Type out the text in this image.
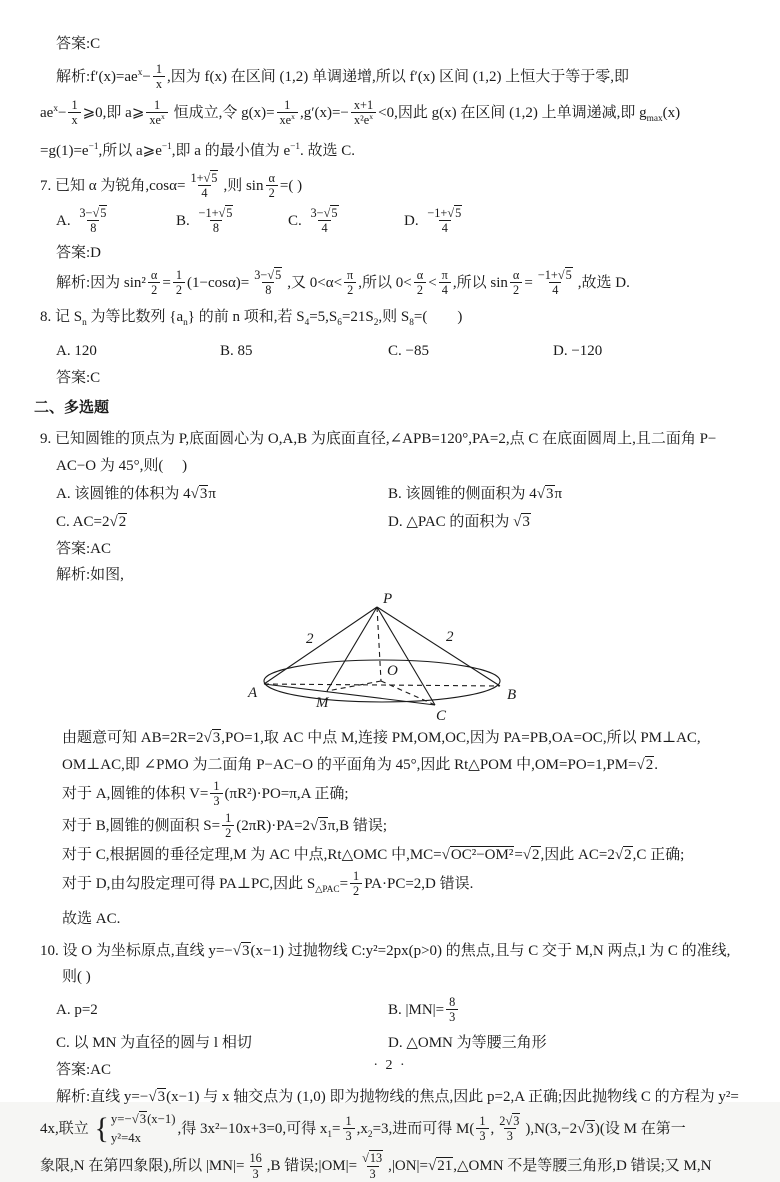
答案:C
解析$:f'(x)=ae^x- \frac{1}{x}$ ,因为 f(x) 在区间 (1,2) 单调递增,所以 f′(x) 区间 (1,2) 上恒大于等于零,即
$ae^x- \frac{1}{x}$ ⩾0,即 a⩾ $\frac{1}{xe^x}$ 恒成立,令 $g(x)= \frac{1}{xe^x} ,g'(x)=- \frac{x+1}{x^2e^x} <0$,因此 g(x) 在区间 (1,2) 上单调递减,即 $g_{max}(x)$
$=g(1)=e^{-1}$,所以 $a⩾e^{-1}$,即 a 的最小值为 $e^{-1}$. 故选 C.
7. 已知 α 为锐角$,\cos\alpha= \frac{1+√5}{4}$ ,则 $\sin \frac{\alpha}{2}$ =( )
A. $\frac{3-√5}{8}$	B. $\frac{-1+√5}{8}$	C. $\frac{3-√5}{4}$	D. $\frac{-1+√5}{4}$
答案:D
解析:因为 $\sin^2 \frac{\alpha}{2} = \frac{1}{2} (1-\cos\alpha)= \frac{3-√5}{8}$ ,又 $0<\alpha< \frac{\pi}{2}$ ,所以 $0< \frac{\alpha}{2} < \frac{\pi}{4}$ ,所以 $\sin \frac{\alpha}{2} = \frac{-1+√5}{4}$ ,故选 D.
8. 记 $S_n$ 为等比数列 $\{a_n\}$ 的前 n 项和,若 $S_4=5,S_6=21S_2$,则 $S_8=$(　　)
A. 120	B. 85	C. −85	D. −120
答案:C
二、多选题
9. 已知圆锥的顶点为 P,底面圆心为 O,A,B 为底面直径,∠APB=120°,PA=2,点 C 在底面圆周上,且二面角 P−
AC−O 为 45°,则(　 )
A. 该圆锥的体积为 4√3π	B. 该圆锥的侧面积为 4√3π
C. AC=2√2	D. △PAC 的面积为 √3
答案:AC
解析:如图,
P
O
A	B
M
C
2	2
由题意可知 AB=2R=2√3,PO=1,取 AC 中点 M,连接 PM,OM,OC,因为 PA=PB,OA=OC,所以 PM⊥AC,
OM⊥AC,即 ∠PMO 为二面角 P−AC−O 的平面角为 45°,因此 Rt△POM 中,OM=PO=1,PM=√2.
对于 A,圆锥的体积 $V= \frac{1}{3} (\pi R^2)\cdot PO=\pi,A$ 正确;
对于 B,圆锥的侧面积 $S= \frac{1}{2} (2\pi R)\cdot PA=2√3\pi,B$ 错误;
对于 C,根据圆的垂径定理,M 为 AC 中点,Rt△OMC 中,MC=√OC²−OM²=√2,因此 AC=2√2,C 正确;
对于 D,由勾股定理可得 PA⊥PC,因此 $S_{\triangle PAC}= \frac{1}{2} PA\cdot PC=2,D$ 错误.
故选 AC.
10. 设 O 为坐标原点,直线 y=−√3(x−1) 过抛物线 C:y²=2px(p>0) 的焦点,且与 C 交于 M,N 两点,l 为 C 的准线,
则( )
A. p=2	B. $|MN|= \frac{8}{3}$
C. 以 MN 为直径的圆与 l 相切	D. △OMN 为等腰三角形
答案:AC
解析:直线 y=−√3(x−1) 与 x 轴交点为 (1,0) 即为抛物线的焦点,因此 p=2,A 正确;因此抛物线 C 的方程为 y²=
4x,联立 { y=−√3(x−1)
y²=4x
,得 3x²−10x+3=0,可得 $x_1= \frac{1}{3} ,x_2=3$,进而可得 $M( \frac{1}{3}$ , $\frac{2√3}{3} ),N(3,-2√3)$(设 M 在第一
象限,N 在第四象限),所以 $|MN|= \frac{16}{3} ,B$ 错误;|OM|= $\frac{√13}{3}$ ,|ON|=√21,△OMN 不是等腰三角形,D 错误;又 M,N
· 2 ·
